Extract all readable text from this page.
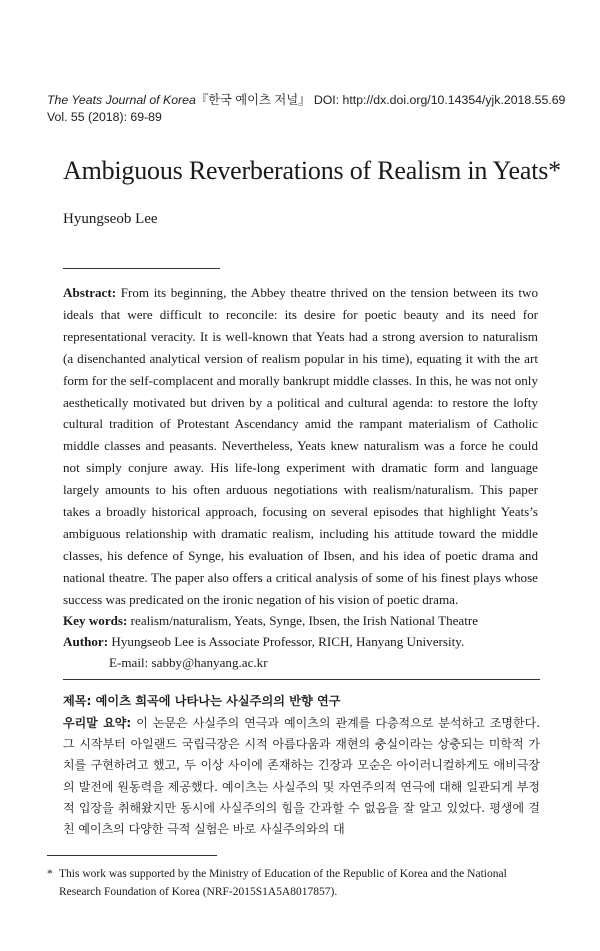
The Yeats Journal of Korea『한국 예이츠 저널』 DOI: http://dx.doi.org/10.14354/yjk.2018.55.69
Vol. 55 (2018): 69-89
Ambiguous Reverberations of Realism in Yeats*
Hyungseob Lee

Abstract: From its beginning, the Abbey theatre thrived on the tension between its two ideals that were difficult to reconcile: its desire for poetic beauty and its need for representational veracity. It is well-known that Yeats had a strong aversion to naturalism (a disenchanted analytical version of realism popular in his time), equating it with the art form for the self-complacent and morally bankrupt middle classes. In this, he was not only aesthetically motivated but driven by a political and cultural agenda: to restore the lofty cultural tradition of Protestant Ascendancy amid the rampant materialism of Catholic middle classes and peasants. Nevertheless, Yeats knew naturalism was a force he could not simply conjure away. His life-long experiment with dramatic form and language largely amounts to his often arduous negotiations with realism/naturalism. This paper takes a broadly historical approach, focusing on several episodes that highlight Yeats’s ambiguous relationship with dramatic realism, including his attitude toward the middle classes, his defence of Synge, his evaluation of Ibsen, and his idea of poetic drama and national theatre. The paper also offers a critical analysis of some of his finest plays whose success was predicated on the ironic negation of his vision of poetic drama.

Key words: realism/naturalism, Yeats, Synge, Ibsen, the Irish National Theatre
Author: Hyungseob Lee is Associate Professor, RICH, Hanyang University.
E-mail: sabby@hanyang.ac.kr
제목: 예이츠 희곡에 나타나는 사실주의의 반향 연구
우리말 요약: 이 논문은 사실주의 연극과 예이츠의 관계를 다층적으로 분석하고 조명한다. 그 시작부터 아일랜드 국립극장은 시적 아름다움과 재현의 충실이라는 상충되는 미학적 가치를 구현하려고 했고, 두 이상 사이에 존재하는 긴장과 모순은 아이러니컬하게도 애비극장의 발전에 원동력을 제공했다. 예이츠는 사실주의 및 자연주의적 연극에 대해 일관되게 부정적 입장을 취해왔지만 동시에 사실주의의 힘을 간과할 수 없음을 잘 알고 있었다. 평생에 걸친 예이츠의 다양한 극적 실험은 바로 사실주의와의 대
* This work was supported by the Ministry of Education of the Republic of Korea and the National
Research Foundation of Korea (NRF-2015S1A5A8017857).
